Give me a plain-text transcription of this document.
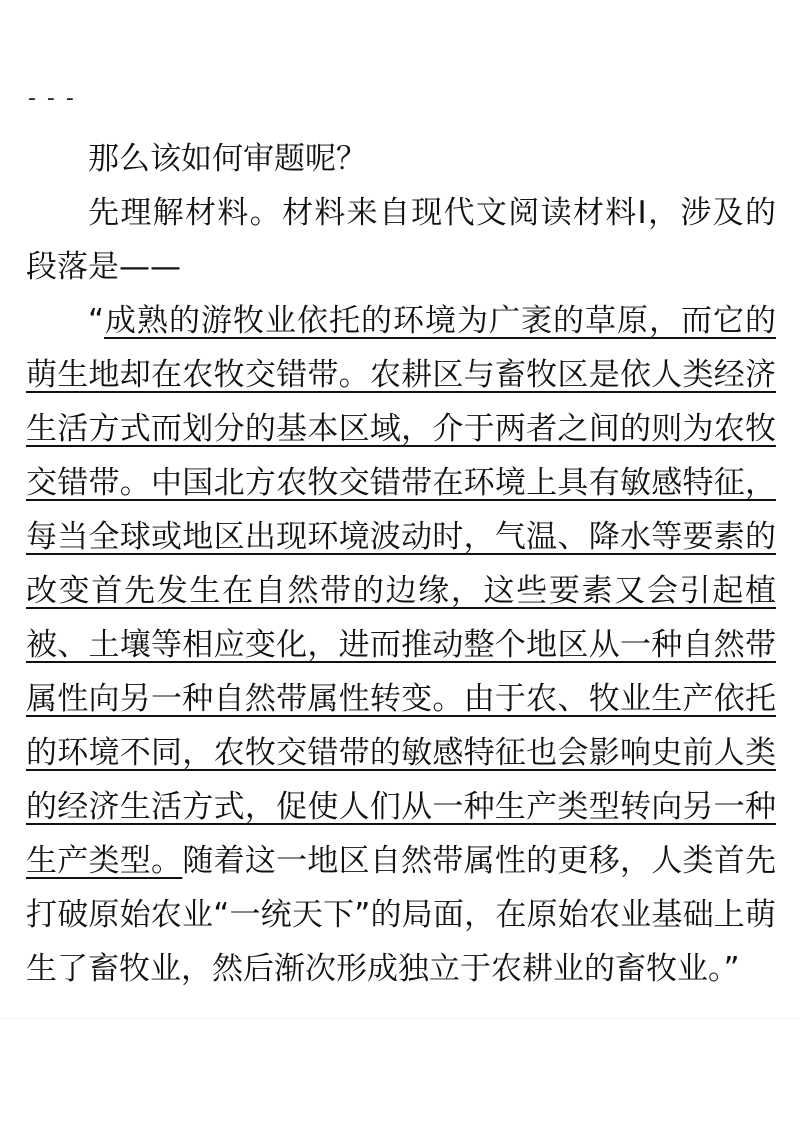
- - -

那么该如何审题呢？

先理解材料。材料来自现代文阅读材料Ⅰ，涉及的段落是——

“成熟的游牧业依托的环境为广袤的草原，而它的萌生地却在农牧交错带。农耕区与畜牧区是依人类经济生活方式而划分的基本区域，介于两者之间的则为农牧交错带。中国北方农牧交错带在环境上具有敏感特征，每当全球或地区出现环境波动时，气温、降水等要素的改变首先发生在自然带的边缘，这些要素又会引起植被、土壤等相应变化，进而推动整个地区从一种自然带属性向另一种自然带属性转变。由于农、牧业生产依托的环境不同，农牧交错带的敏感特征也会影响史前人类的经济生活方式，促使人们从一种生产类型转向另一种生产类型。随着这一地区自然带属性的更移，人类首先打破原始农业“一统天下”的局面，在原始农业基础上萌生了畜牧业，然后渐次形成独立于农耕业的畜牧业。”
